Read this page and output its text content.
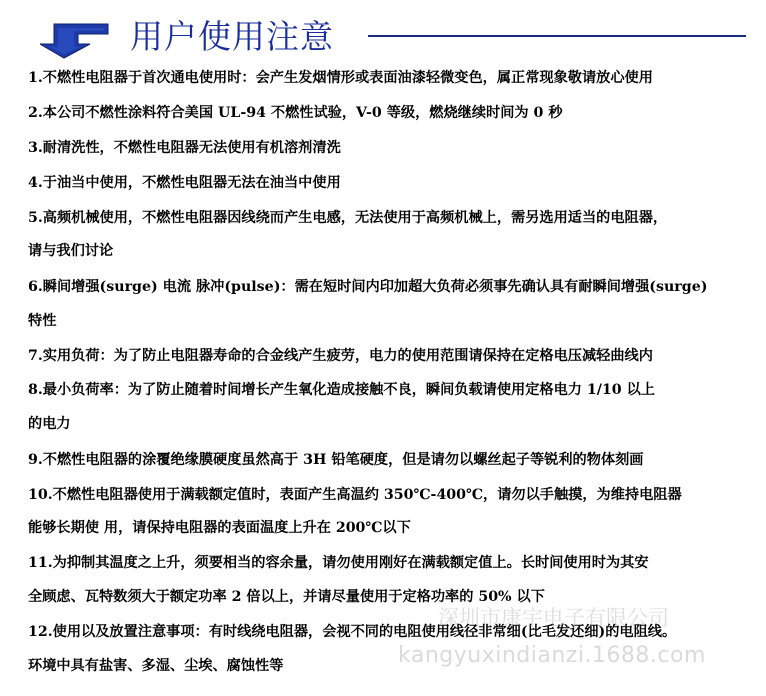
用户使用注意
1.不燃性电阻器于首次通电使用时：会产生发烟情形或表面油漆轻微变色，属正常现象敬请放心使用
2.本公司不燃性涂料符合美国 UL-94 不燃性试验，V-0 等级，燃烧继续时间为 0 秒
3.耐清洗性，不燃性电阻器无法使用有机溶剂清洗
4.于油当中使用，不燃性电阻器无法在油当中使用
5.高频机械使用，不燃性电阻器因线绕而产生电感，无法使用于高频机械上，需另选用适当的电阻器，
请与我们讨论
6.瞬间增强(surge) 电流 脉冲(pulse)：需在短时间内印加超大负荷必须事先确认具有耐瞬间增强(surge)
特性
7.实用负荷：为了防止电阻器寿命的合金线产生疲劳，电力的使用范围请保持在定格电压减轻曲线内
8.最小负荷率：为了防止随着时间增长产生氧化造成接触不良，瞬间负载请使用定格电力 1/10 以上
的电力
9.不燃性电阻器的涂覆绝缘膜硬度虽然高于 3H 铅笔硬度，但是请勿以螺丝起子等锐利的物体刻画
10.不燃性电阻器使用于满载额定值时，表面产生高温约 350℃-400℃，请勿以手触摸，为维持电阻器
能够长期使 用，请保持电阻器的表面温度上升在 200℃以下
11.为抑制其温度之上升，须要相当的容余量，请勿使用刚好在满载额定值上。长时间使用时为其安
全顾虑、瓦特数须大于额定功率 2 倍以上，并请尽量使用于定格功率的 50% 以下
12.使用以及放置注意事项：有时线绕电阻器，会视不同的电阻使用线径非常细(比毛发还细)的电阻线。
环境中具有盐害、多湿、尘埃、腐蚀性等
深圳市康宇电子有限公司
kangyuxindianzi.1688.com
